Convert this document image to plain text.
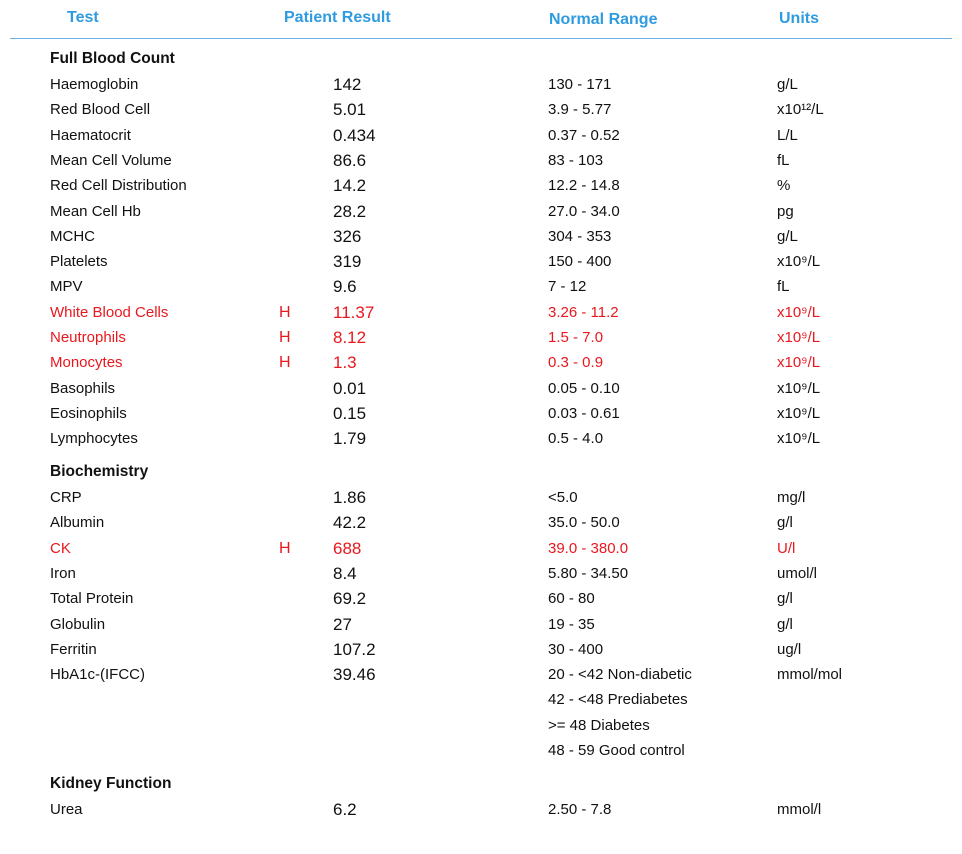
Test	Patient Result	Normal Range	Units
Full Blood Count
Haemoglobin	142	130 - 171	g/L
Red Blood Cell	5.01	3.9 - 5.77	x10¹²/L
Haematocrit	0.434	0.37 - 0.52	L/L
Mean Cell Volume	86.6	83 - 103	fL
Red Cell Distribution	14.2	12.2 - 14.8	%
Mean Cell Hb	28.2	27.0 - 34.0	pg
MCHC	326	304 - 353	g/L
Platelets	319	150 - 400	x10⁹/L
MPV	9.6	7 - 12	fL
White Blood Cells	H 11.37	3.26 - 11.2	x10⁹/L
Neutrophils	H 8.12	1.5 - 7.0	x10⁹/L
Monocytes	H 1.3	0.3 - 0.9	x10⁹/L
Basophils	0.01	0.05 - 0.10	x10⁹/L
Eosinophils	0.15	0.03 - 0.61	x10⁹/L
Lymphocytes	1.79	0.5 - 4.0	x10⁹/L
Biochemistry
CRP	1.86	<5.0	mg/l
Albumin	42.2	35.0 - 50.0	g/l
CK	H 688	39.0 - 380.0	U/l
Iron	8.4	5.80 - 34.50	umol/l
Total Protein	69.2	60 - 80	g/l
Globulin	27	19 - 35	g/l
Ferritin	107.2	30 - 400	ug/l
HbA1c-(IFCC)	39.46	20 - <42 Non-diabetic	mmol/mol
42 - <48 Prediabetes
>= 48 Diabetes
48 - 59 Good control
Kidney Function
Urea	6.2	2.50 - 7.8	mmol/l
